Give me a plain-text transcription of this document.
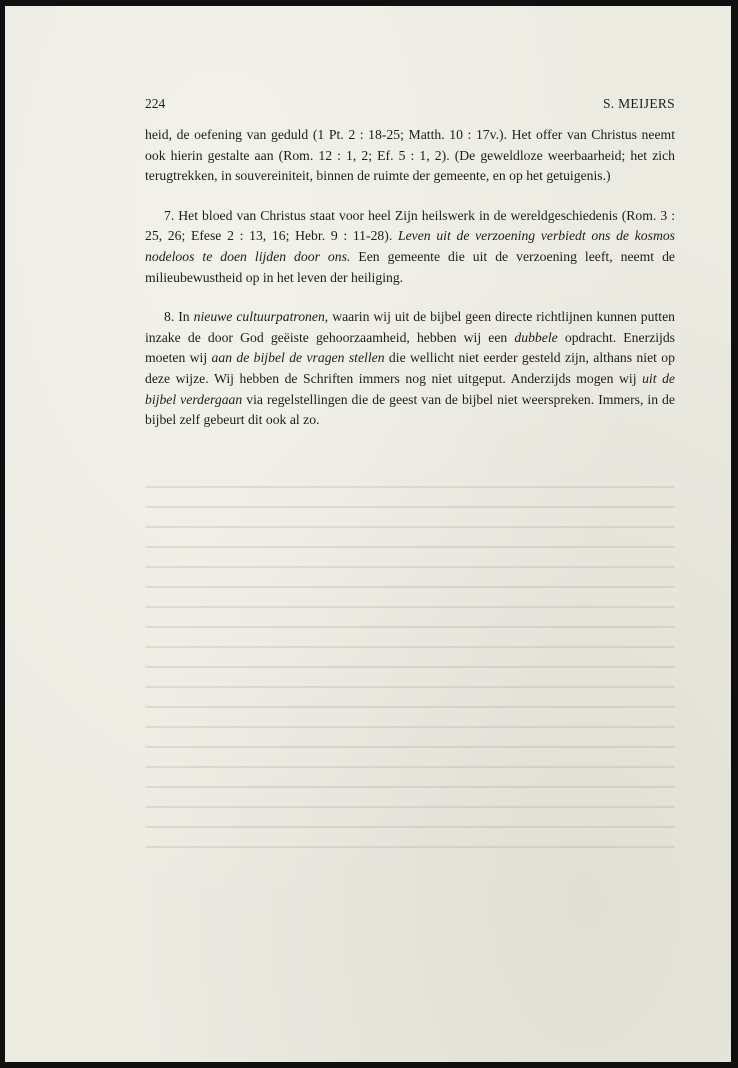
224	S. MEIJERS

heid, de oefening van geduld (1 Pt. 2 : 18-25; Matth. 10 : 17v.). Het offer van Christus neemt ook hierin gestalte aan (Rom. 12 : 1, 2; Ef. 5 : 1, 2). (De geweldloze weerbaarheid; het zich terugtrekken, in souvereiniteit, binnen de ruimte der gemeente, en op het getuigenis.)

7. Het bloed van Christus staat voor heel Zijn heilswerk in de wereldgeschiedenis (Rom. 3 : 25, 26; Efese 2 : 13, 16; Hebr. 9 : 11-28). Leven uit de verzoening verbiedt ons de kosmos nodeloos te doen lijden door ons. Een gemeente die uit de verzoening leeft, neemt de milieubewustheid op in het leven der heiliging.

8. In nieuwe cultuurpatronen, waarin wij uit de bijbel geen directe richtlijnen kunnen putten inzake de door God geëiste gehoorzaamheid, hebben wij een dubbele opdracht. Enerzijds moeten wij aan de bijbel de vragen stellen die wellicht niet eerder gesteld zijn, althans niet op deze wijze. Wij hebben de Schriften immers nog niet uitgeput. Anderzijds mogen wij uit de bijbel verdergaan via regelstellingen die de geest van de bijbel niet weerspreken. Immers, in de bijbel zelf gebeurt dit ook al zo.
